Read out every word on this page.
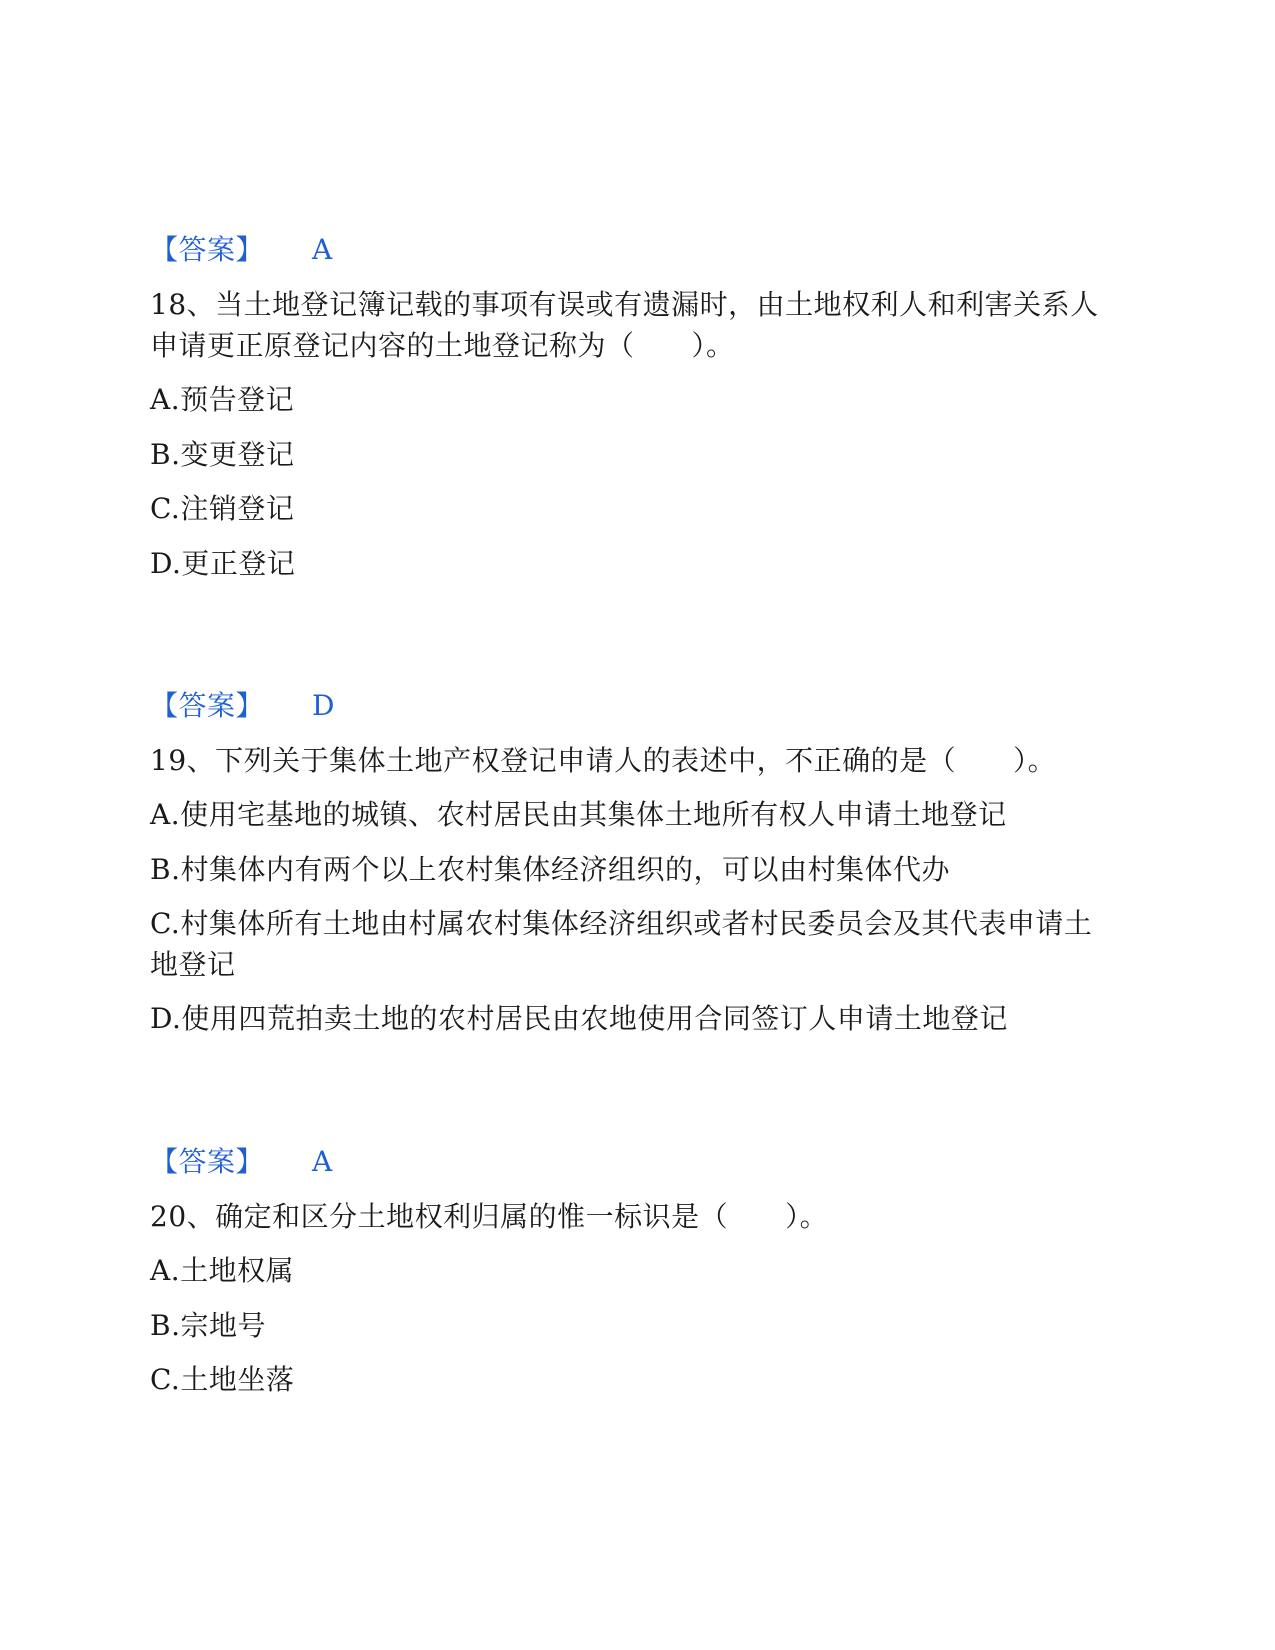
【答案】 A
18、当土地登记簿记载的事项有误或有遗漏时，由土地权利人和利害关系人
申请更正原登记内容的土地登记称为（　　）。
A.预告登记
B.变更登记
C.注销登记
D.更正登记
【答案】 D
19、下列关于集体土地产权登记申请人的表述中，不正确的是（　　）。
A.使用宅基地的城镇、农村居民由其集体土地所有权人申请土地登记
B.村集体内有两个以上农村集体经济组织的，可以由村集体代办
C.村集体所有土地由村属农村集体经济组织或者村民委员会及其代表申请土
地登记
D.使用四荒拍卖土地的农村居民由农地使用合同签订人申请土地登记
【答案】 A
20、确定和区分土地权利归属的惟一标识是（　　）。
A.土地权属
B.宗地号
C.土地坐落
